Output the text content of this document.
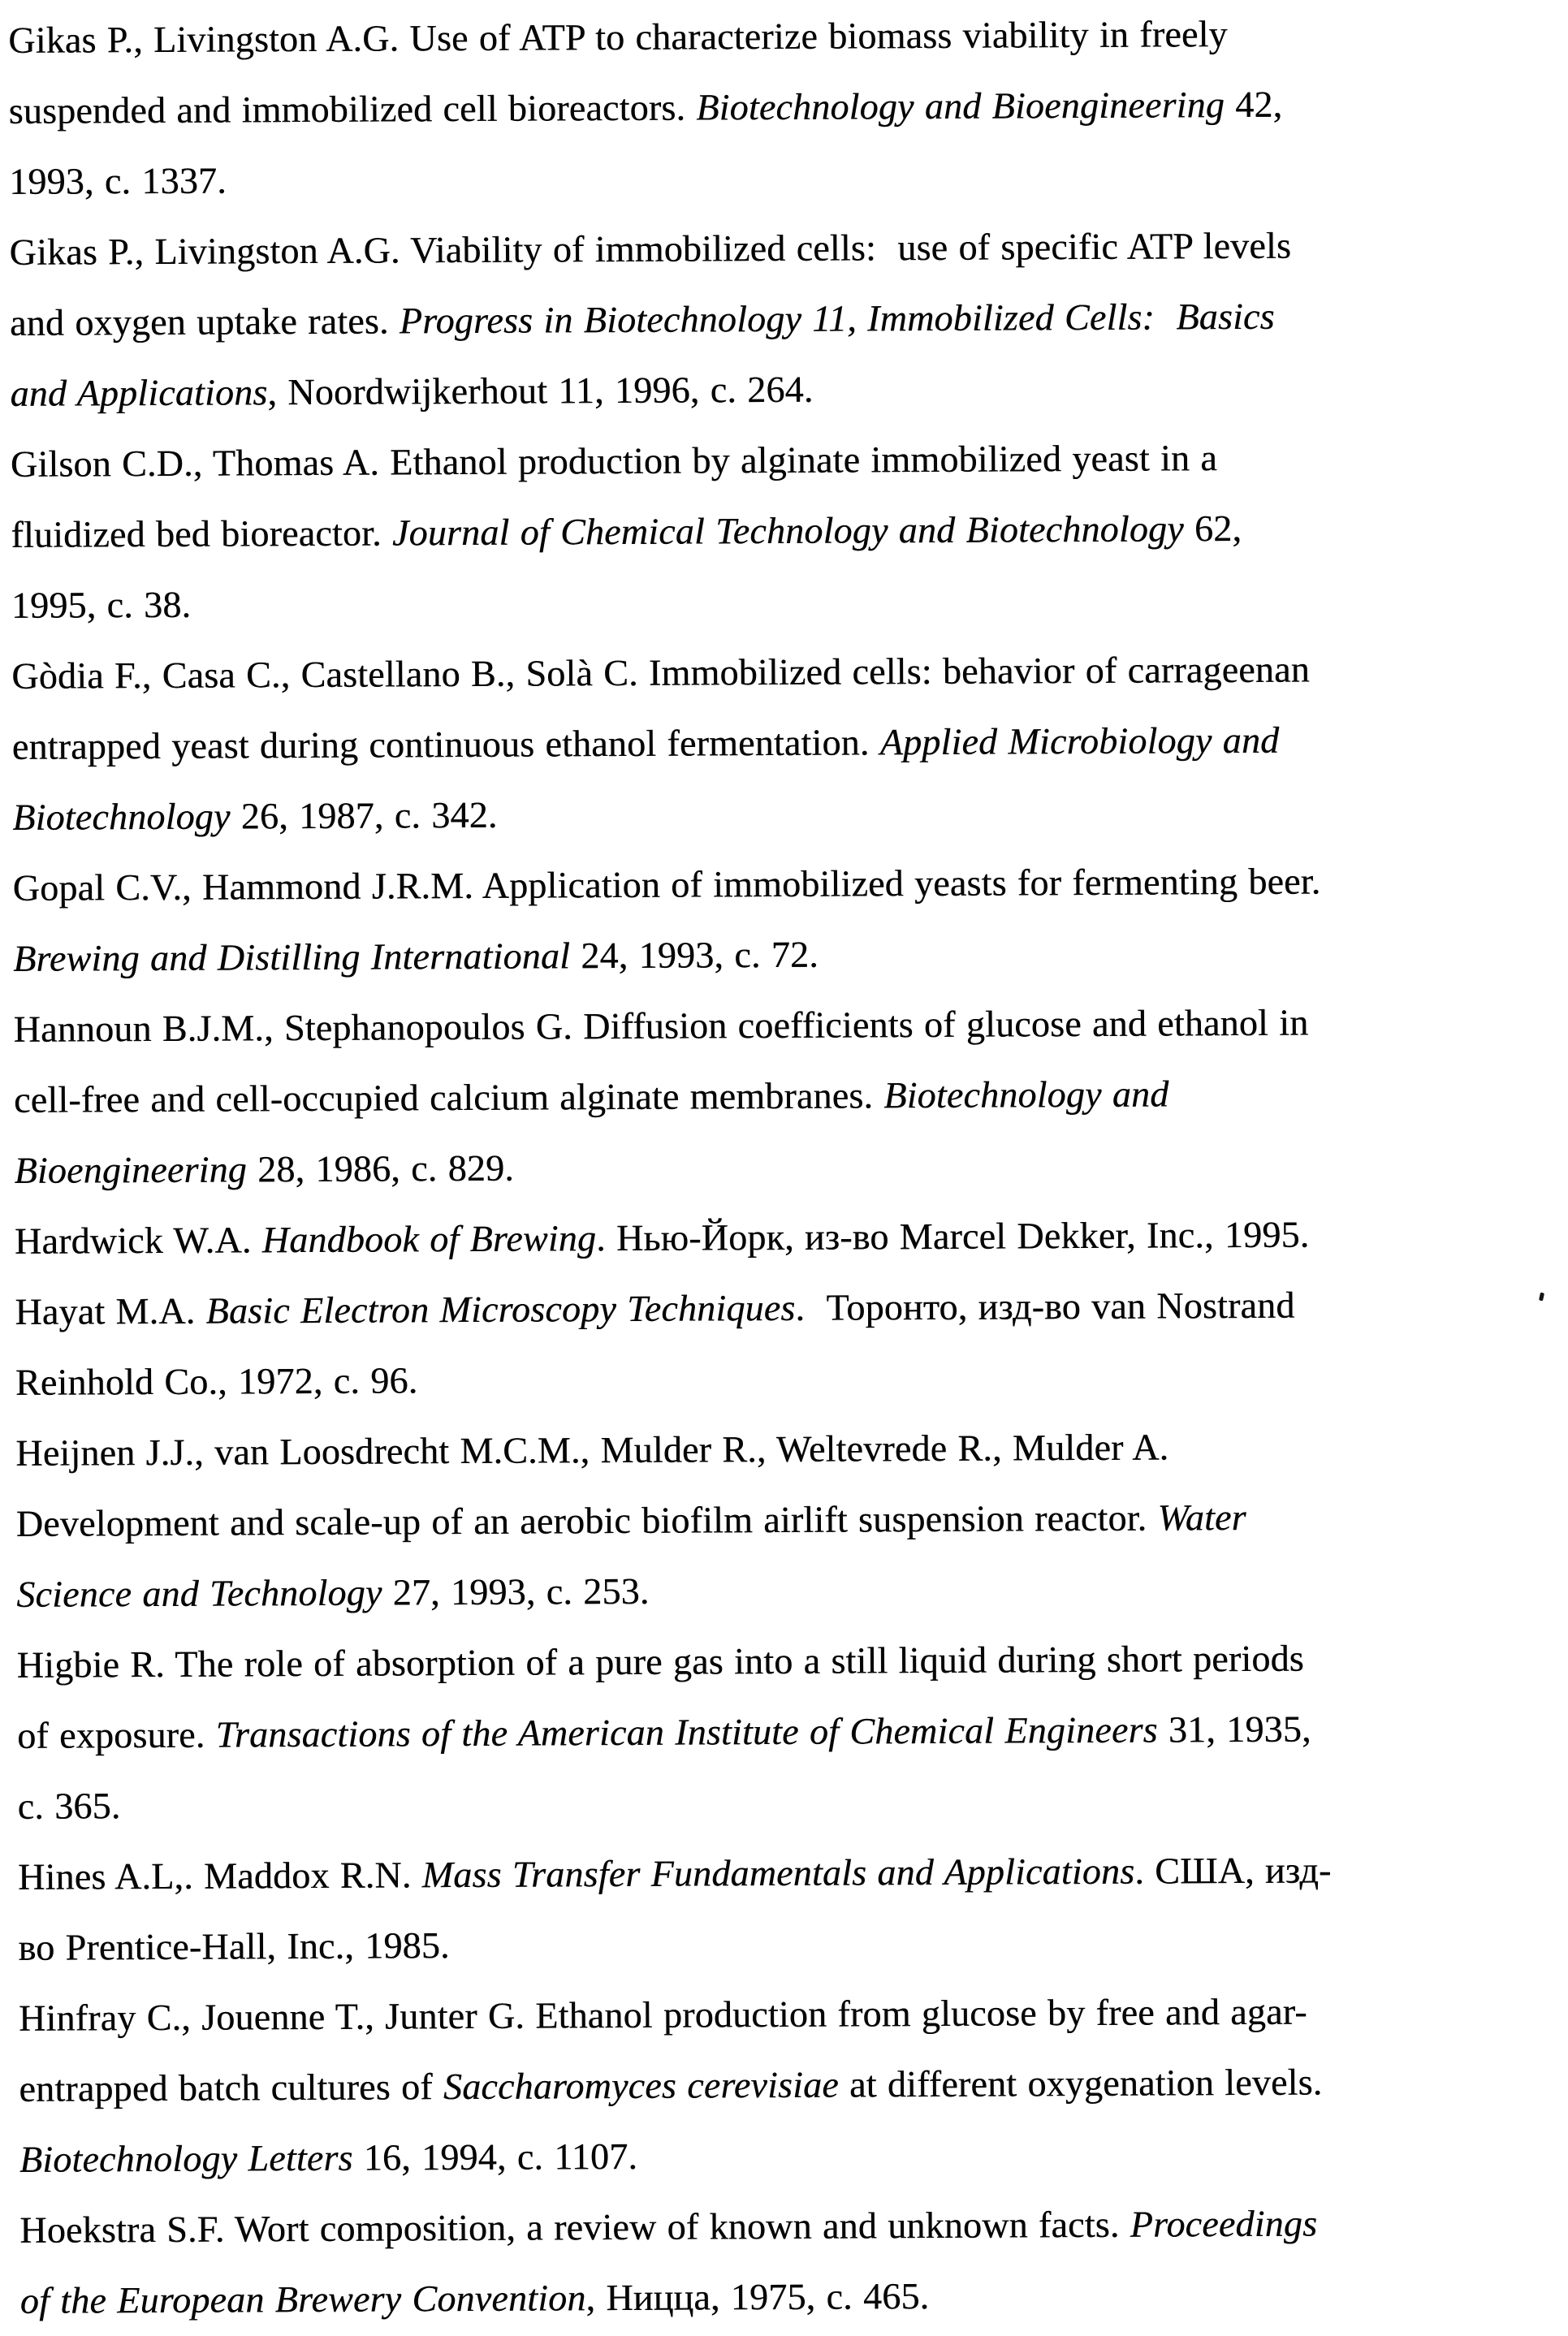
Gikas P., Livingston A.G. Use of ATP to characterize biomass viability in freely
suspended and immobilized cell bioreactors. Biotechnology and Bioengineering 42,
1993, c. 1337.
Gikas P., Livingston A.G. Viability of immobilized cells:  use of specific ATP levels
and oxygen uptake rates. Progress in Biotechnology 11, Immobilized Cells:  Basics
and Applications, Noordwijkerhout 11, 1996, c. 264.
Gilson C.D., Thomas A. Ethanol production by alginate immobilized yeast in a
fluidized bed bioreactor. Journal of Chemical Technology and Biotechnology 62,
1995, c. 38.
Gòdia F., Casa C., Castellano B., Solà C. Immobilized cells: behavior of carrageenan
entrapped yeast during continuous ethanol fermentation. Applied Microbiology and
Biotechnology 26, 1987, c. 342.
Gopal C.V., Hammond J.R.M. Application of immobilized yeasts for fermenting beer.
Brewing and Distilling International 24, 1993, c. 72.
Hannoun B.J.M., Stephanopoulos G. Diffusion coefficients of glucose and ethanol in
cell-free and cell-occupied calcium alginate membranes. Biotechnology and
Bioengineering 28, 1986, c. 829.
Hardwick W.A. Handbook of Brewing. Нью-Йорк, из-во Marcel Dekker, Inc., 1995.
Hayat M.A. Basic Electron Microscopy Techniques.  Торонто, изд-во van Nostrand
Reinhold Co., 1972, c. 96.
Heijnen J.J., van Loosdrecht M.C.M., Mulder R., Weltevrede R., Mulder A.
Development and scale-up of an aerobic biofilm airlift suspension reactor. Water
Science and Technology 27, 1993, c. 253.
Higbie R. The role of absorption of a pure gas into a still liquid during short periods
of exposure. Transactions of the American Institute of Chemical Engineers 31, 1935,
c. 365.
Hines A.L,. Maddox R.N. Mass Transfer Fundamentals and Applications. США, изд-
во Prentice-Hall, Inc., 1985.
Hinfray C., Jouenne T., Junter G. Ethanol production from glucose by free and agar-
entrapped batch cultures of Saccharomyces cerevisiae at different oxygenation levels.
Biotechnology Letters 16, 1994, c. 1107.
Hoekstra S.F. Wort composition, a review of known and unknown facts. Proceedings
of the European Brewery Convention, Ницца, 1975, c. 465.
